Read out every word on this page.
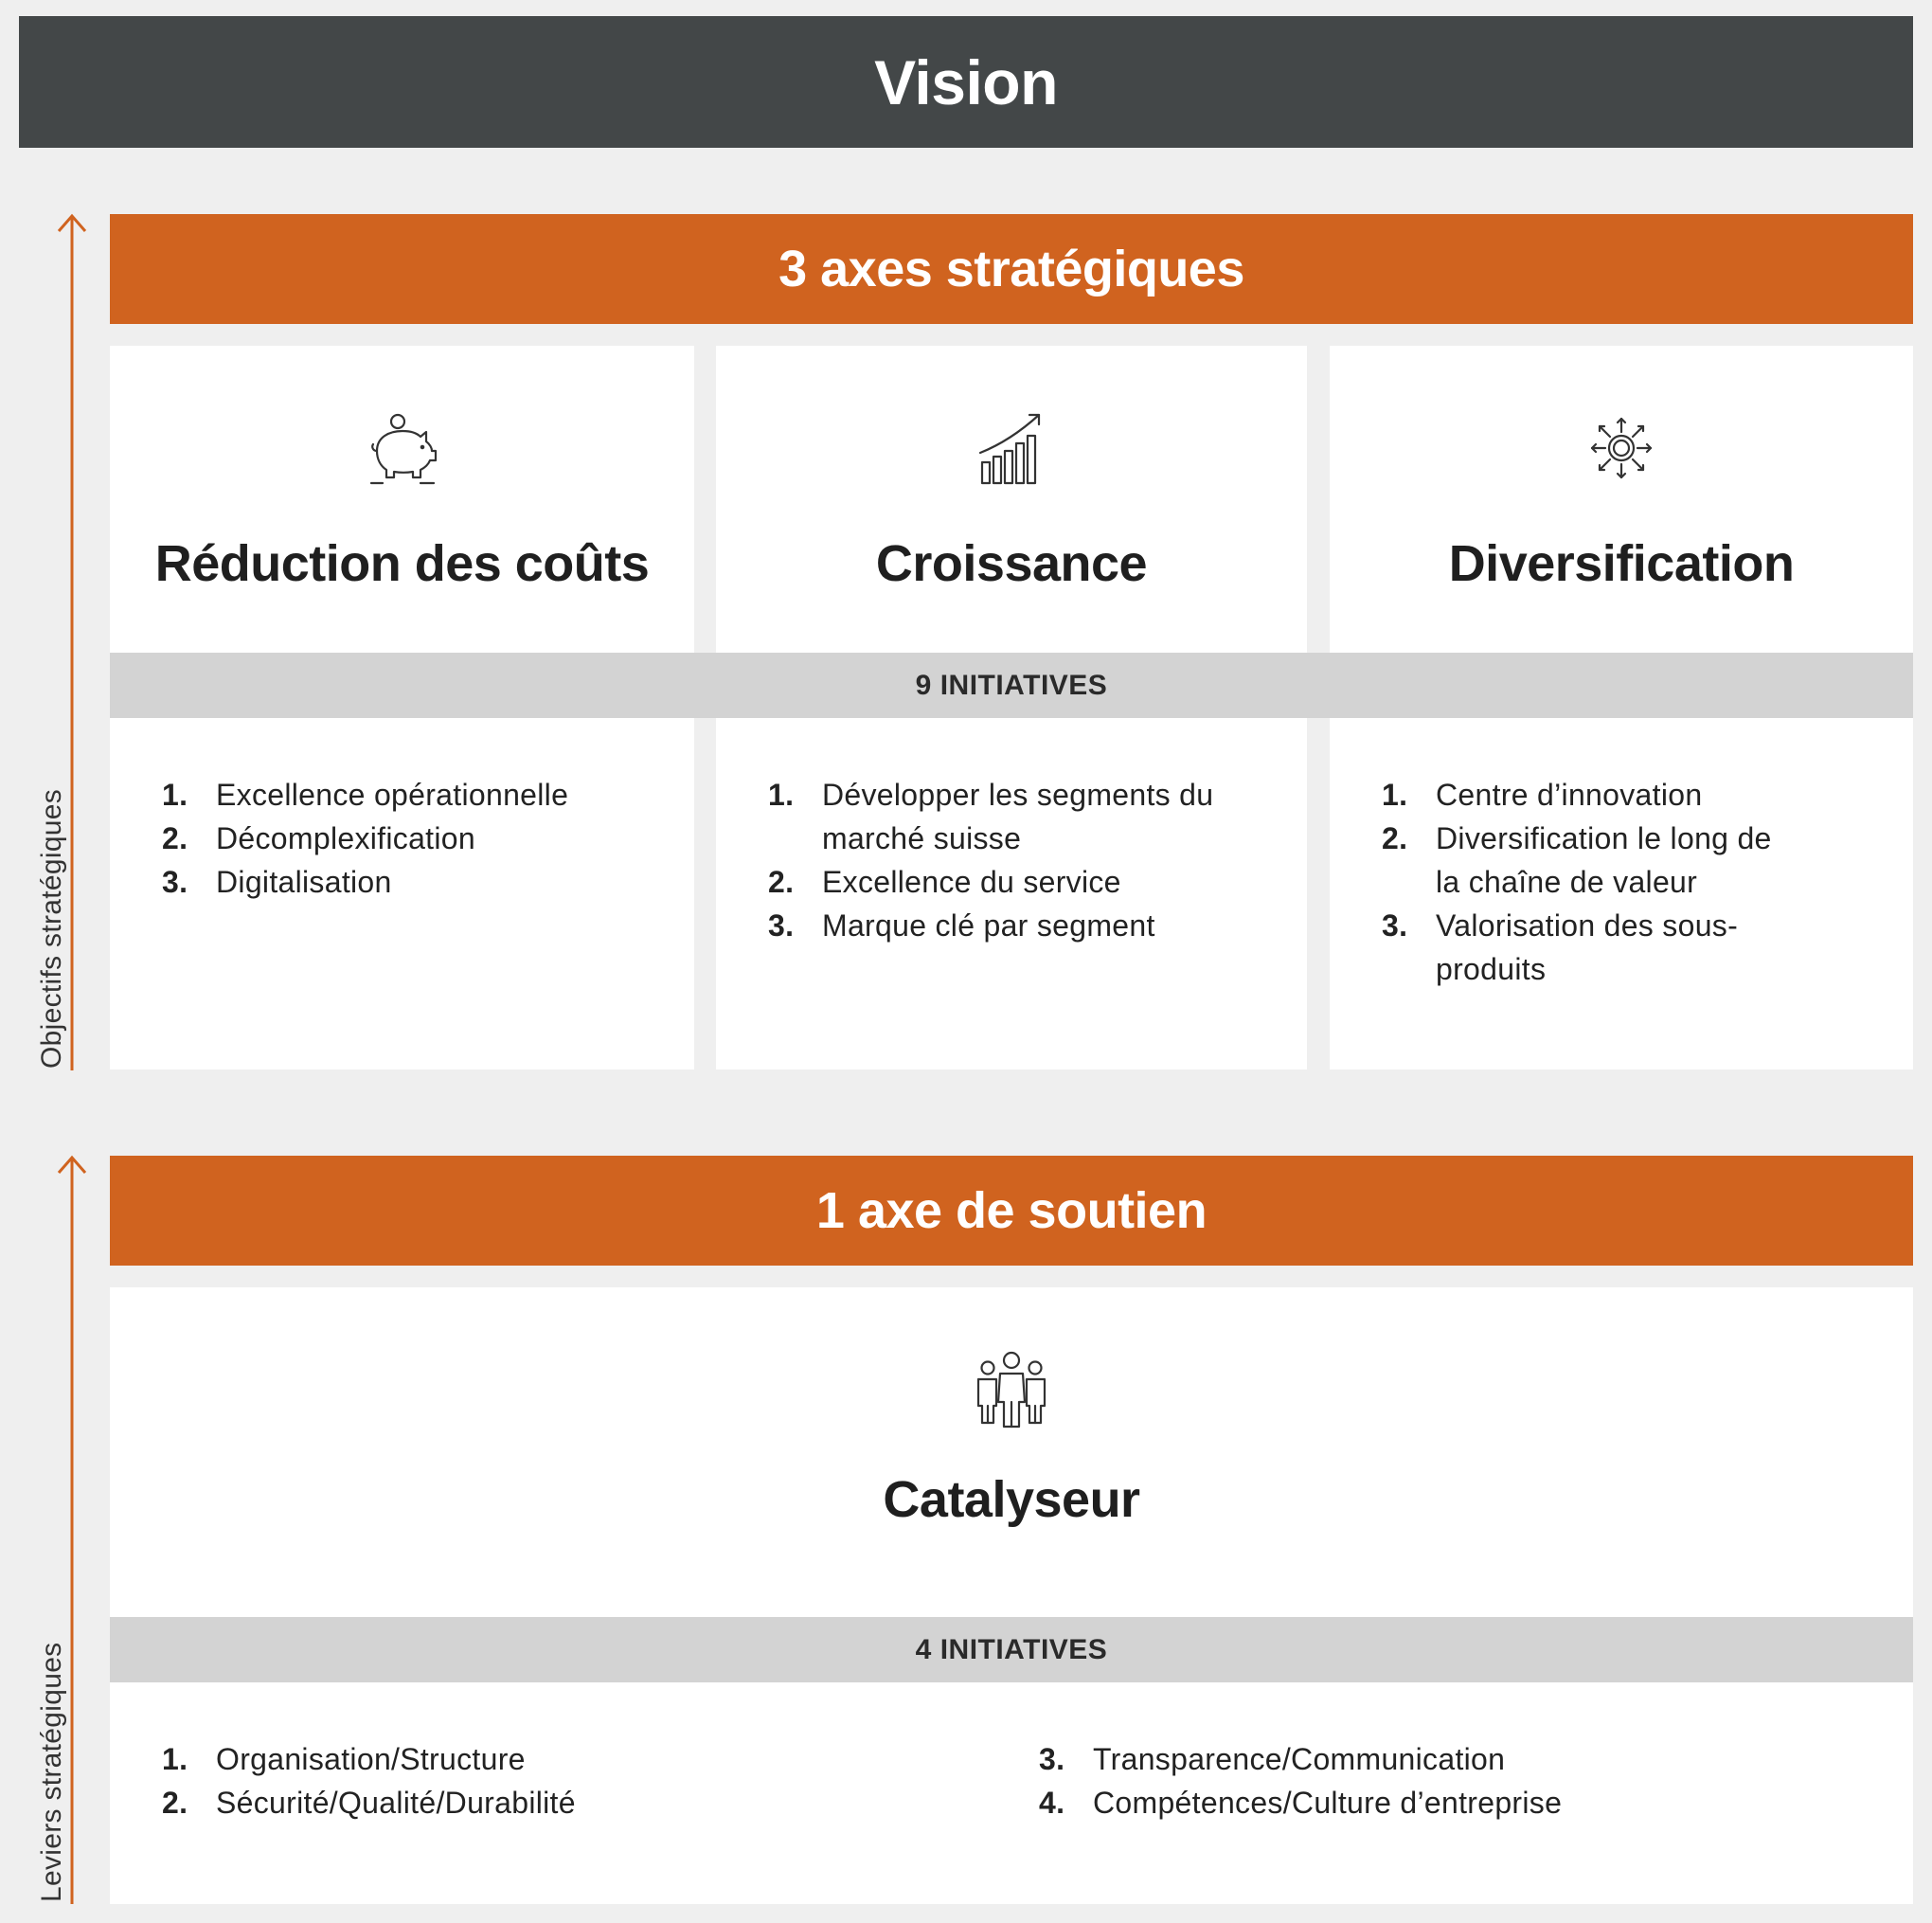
Vision
Objectifs stratégiques
Leviers stratégiques
3 axes stratégiques
Réduction des coûts	Croissance	Diversification
9 INITIATIVES
1. Excellence opérationnelle
2. Décomplexification
3. Digitalisation
1. Développer les segments du marché suisse
2. Excellence du service
3. Marque clé par segment
1. Centre d’innovation
2. Diversification le long de la chaîne de valeur
3. Valorisation des sous-produits
1 axe de soutien
Catalyseur
4 INITIATIVES
1. Organisation/Structure
2. Sécurité/Qualité/Durabilité
3. Transparence/Communication
4. Compétences/Culture d’entreprise
